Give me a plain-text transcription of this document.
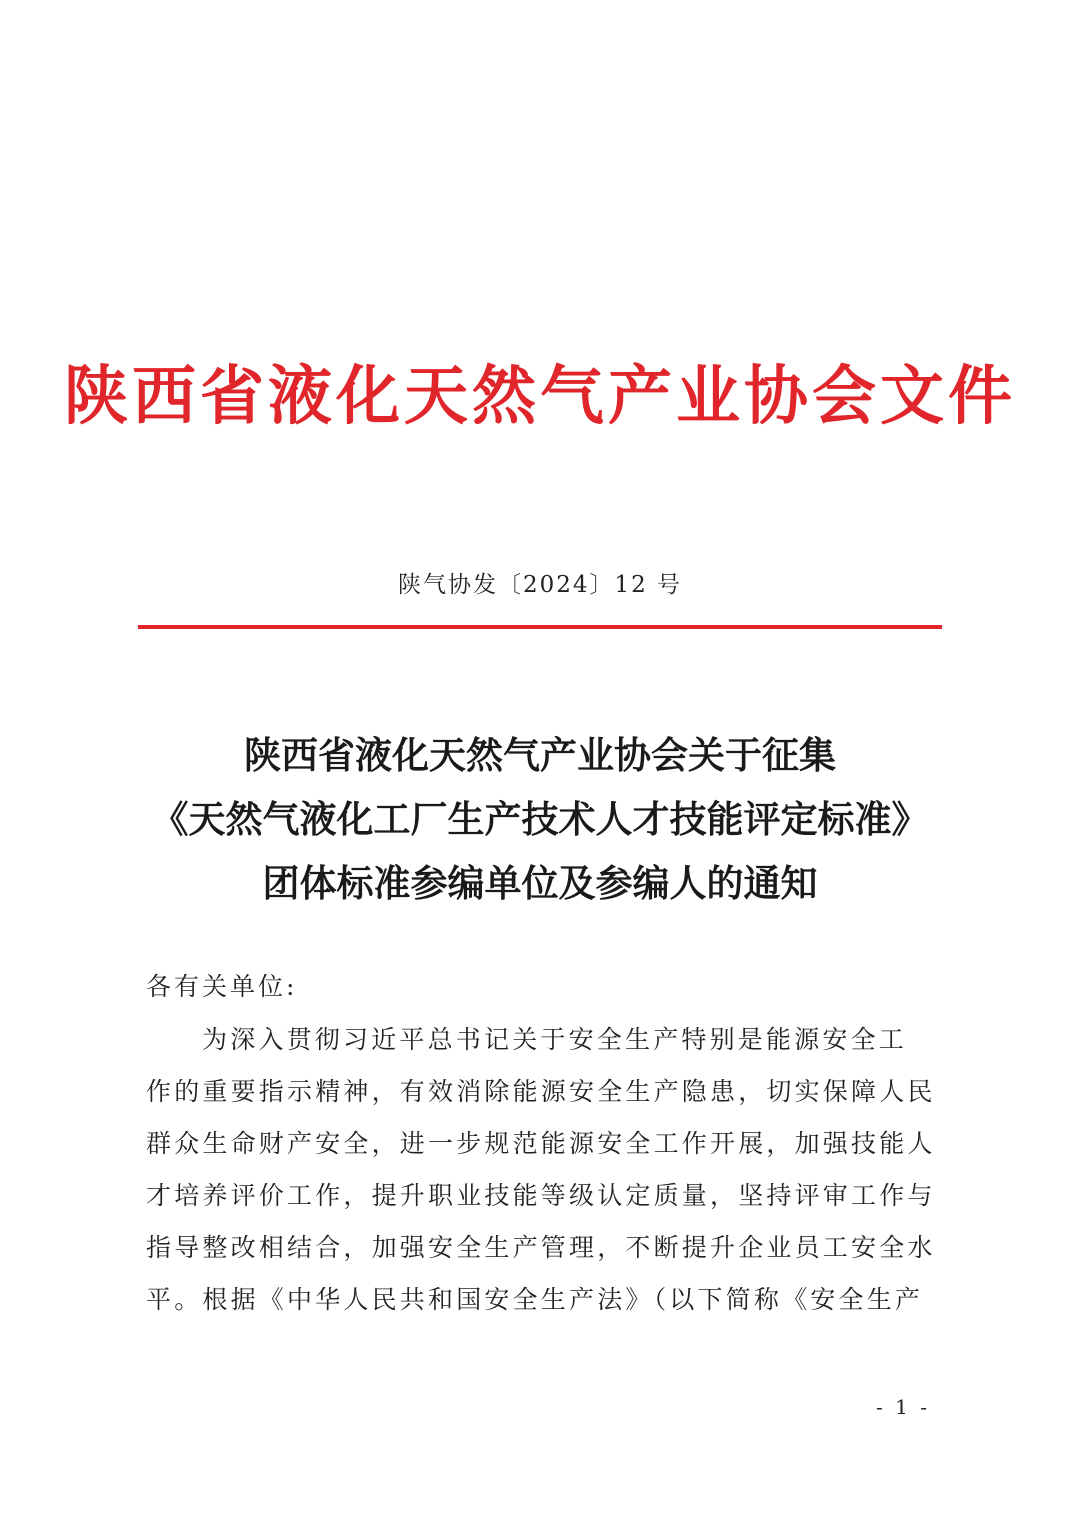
陕西省液化天然气产业协会文件
陕气协发〔2024〕12 号
陕西省液化天然气产业协会关于征集
《天然气液化工厂生产技术人才技能评定标准》
团体标准参编单位及参编人的通知
各有关单位:
为深入贯彻习近平总书记关于安全生产特别是能源安全工
作的重要指示精神，有效消除能源安全生产隐患，切实保障人民
群众生命财产安全，进一步规范能源安全工作开展，加强技能人
才培养评价工作，提升职业技能等级认定质量，坚持评审工作与
指导整改相结合，加强安全生产管理，不断提升企业员工安全水
平。根据《中华人民共和国安全生产法》（以下简称《安全生产
- 1 -
